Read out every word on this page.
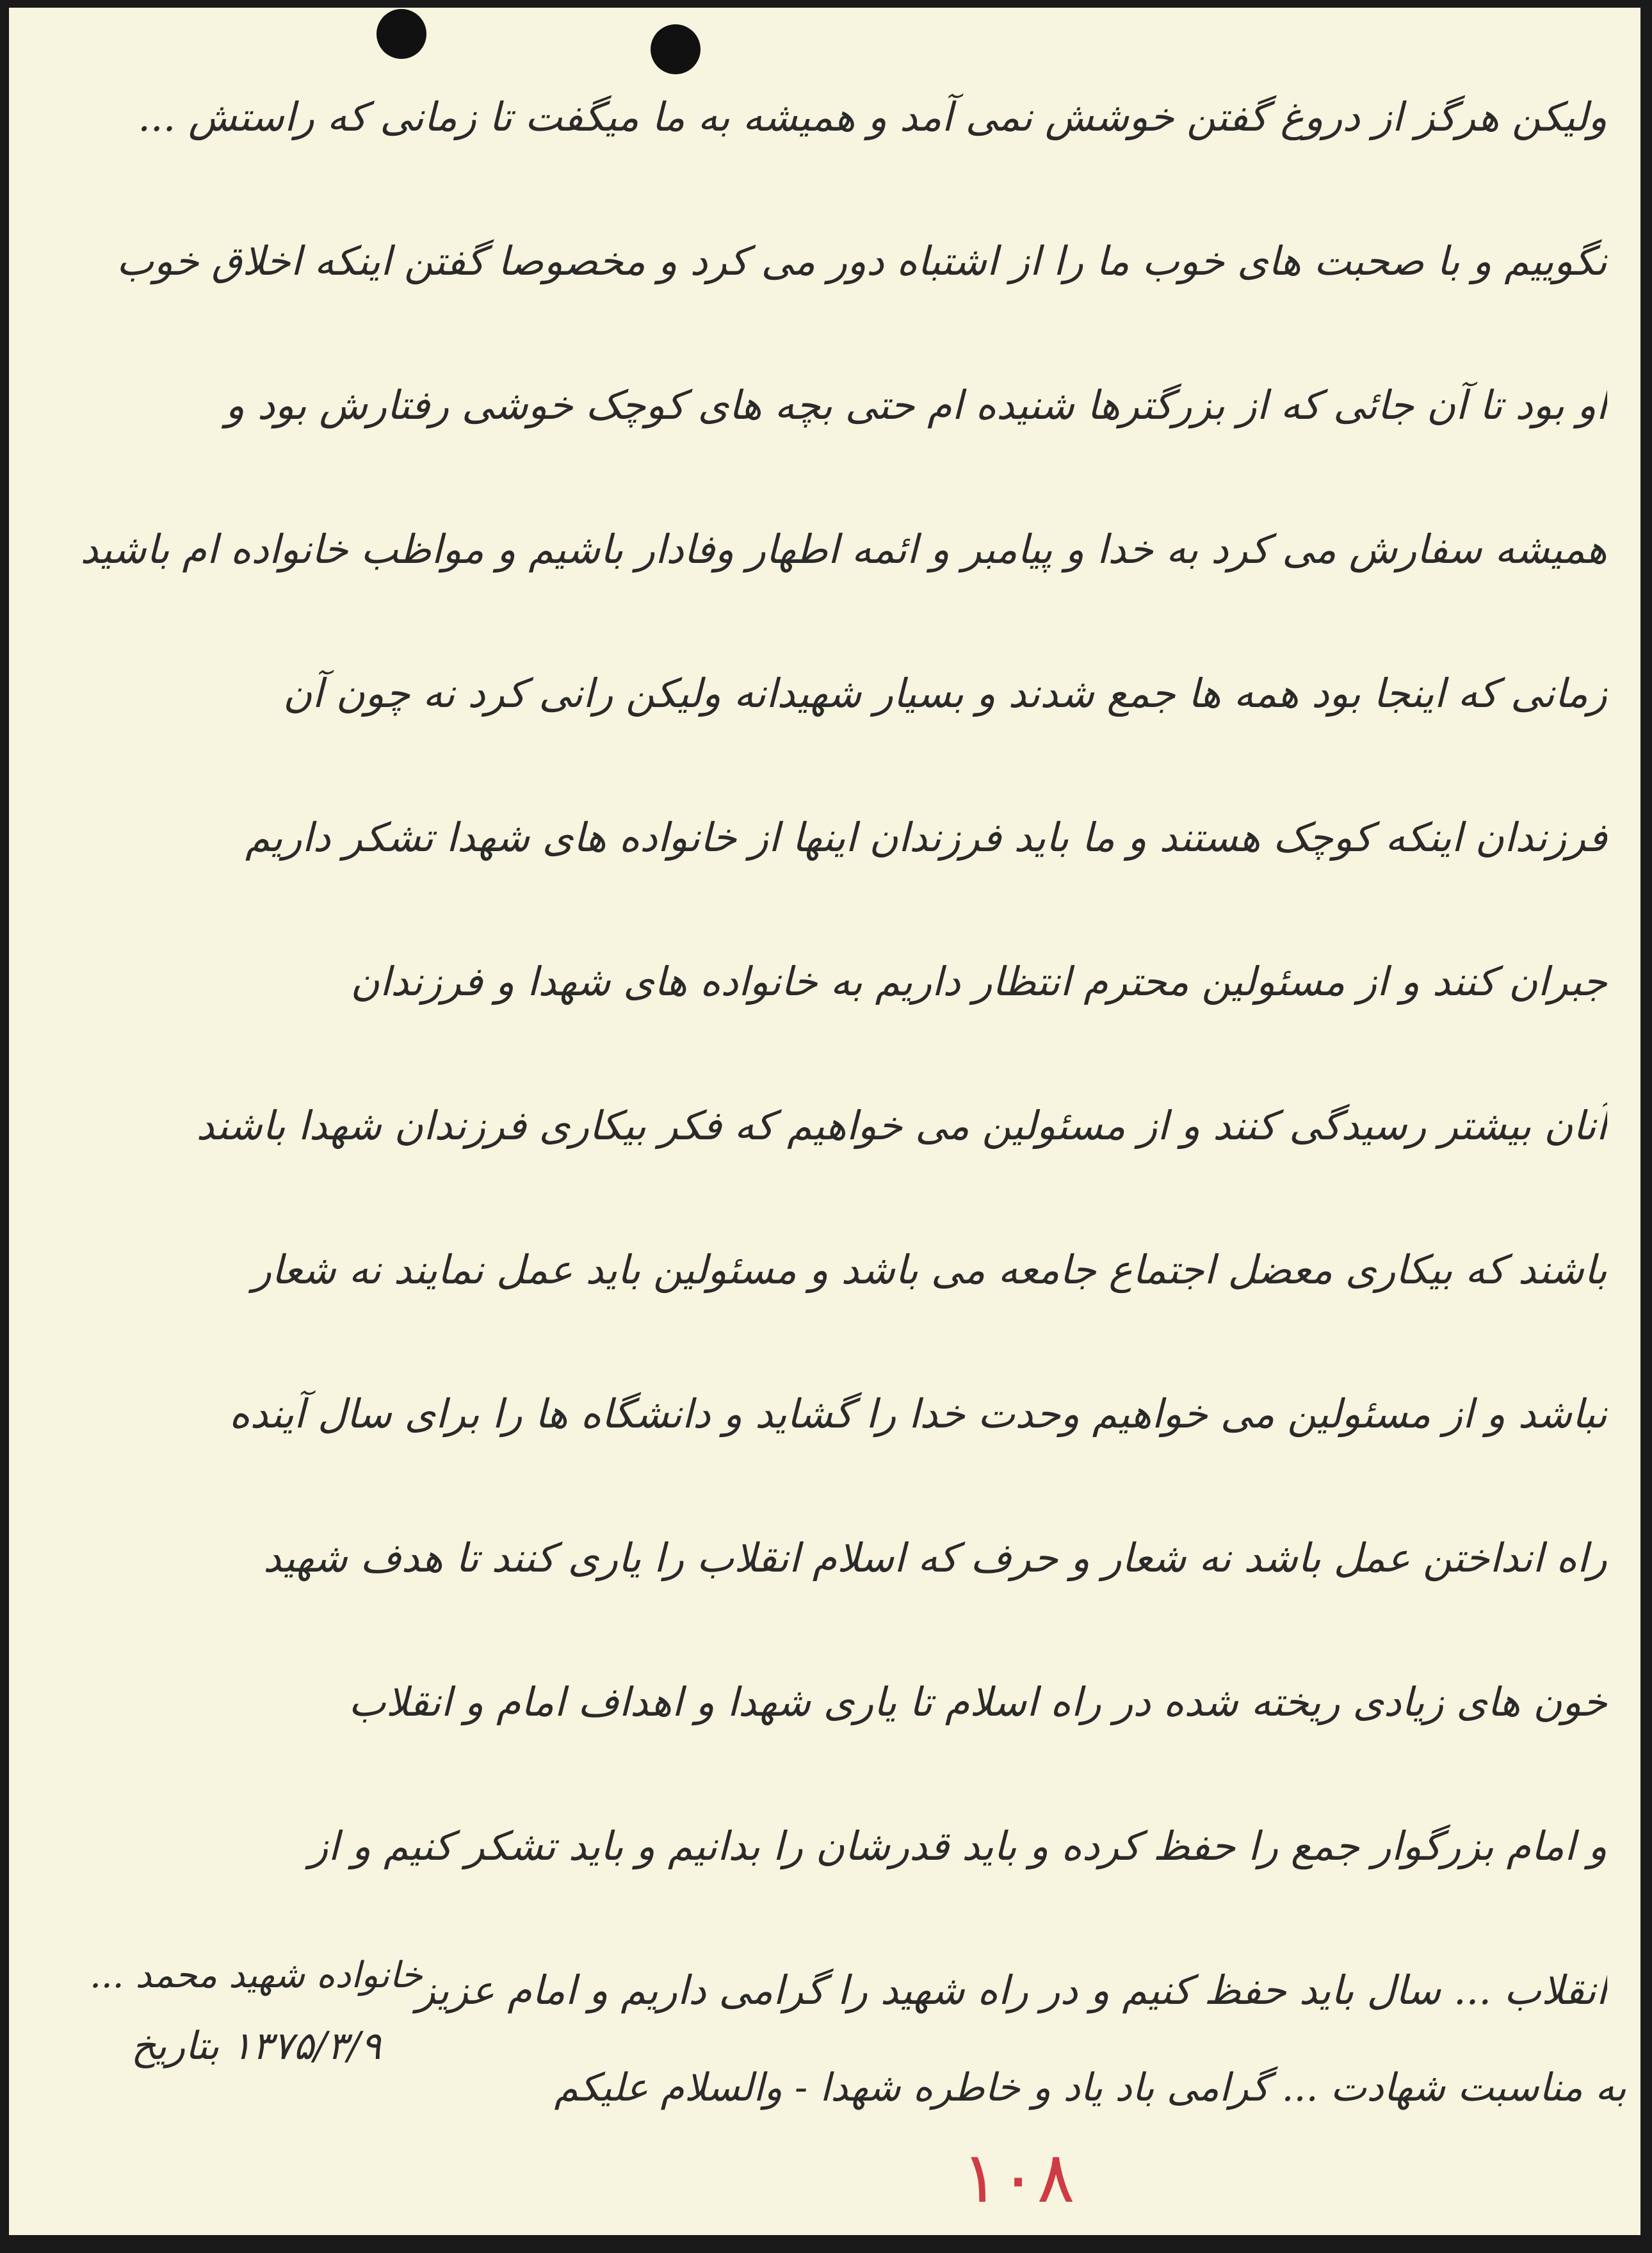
ولیکن هرگز از دروغ گفتن خوشش نمی آمد و همیشه به ما میگفت تا زمانی که راستش ...
نگوییم و با صحبت های خوب ما را از اشتباه دور می کرد و مخصوصا گفتن اینکه اخلاق خوب
او بود تا آن جائی که از بزرگترها شنیده ام حتی بچه های کوچک خوشی رفتارش بود و
همیشه سفارش می کرد به خدا و پیامبر و ائمه اطهار وفادار باشیم و مواظب خانواده ام باشید
زمانی که اینجا بود همه ها جمع شدند و بسیار شهیدانه ولیکن رانی کرد نه چون آن
فرزندان اینکه کوچک هستند و ما باید فرزندان اینها از خانواده های شهدا تشکر داریم
جبران کنند و از مسئولین محترم انتظار داریم به خانواده های شهدا و فرزندان
آنان بیشتر رسیدگی کنند و از مسئولین می خواهیم که فکر بیکاری فرزندان شهدا باشند
باشند که بیکاری معضل اجتماع جامعه می باشد و مسئولین باید عمل نمایند نه شعار
نباشد و از مسئولین می خواهیم وحدت خدا را گشاید و دانشگاه ها را برای سال آینده
راه انداختن عمل باشد نه شعار و حرف که اسلام انقلاب را یاری کنند تا هدف شهید
خون های زیادی ریخته شده در راه اسلام تا یاری شهدا و اهداف امام و انقلاب
و امام بزرگوار جمع را حفظ کرده و باید قدرشان را بدانیم و باید تشکر کنیم و از
انقلاب ... سال باید حفظ کنیم و در راه شهید را گرامی داریم و امام عزیز
خانواده شهید محمد ...
۱۳۷۵/۳/۹ بتاریخ
به مناسبت شهادت ... گرامی باد یاد و خاطره شهدا - والسلام علیکم
۱۰۸
